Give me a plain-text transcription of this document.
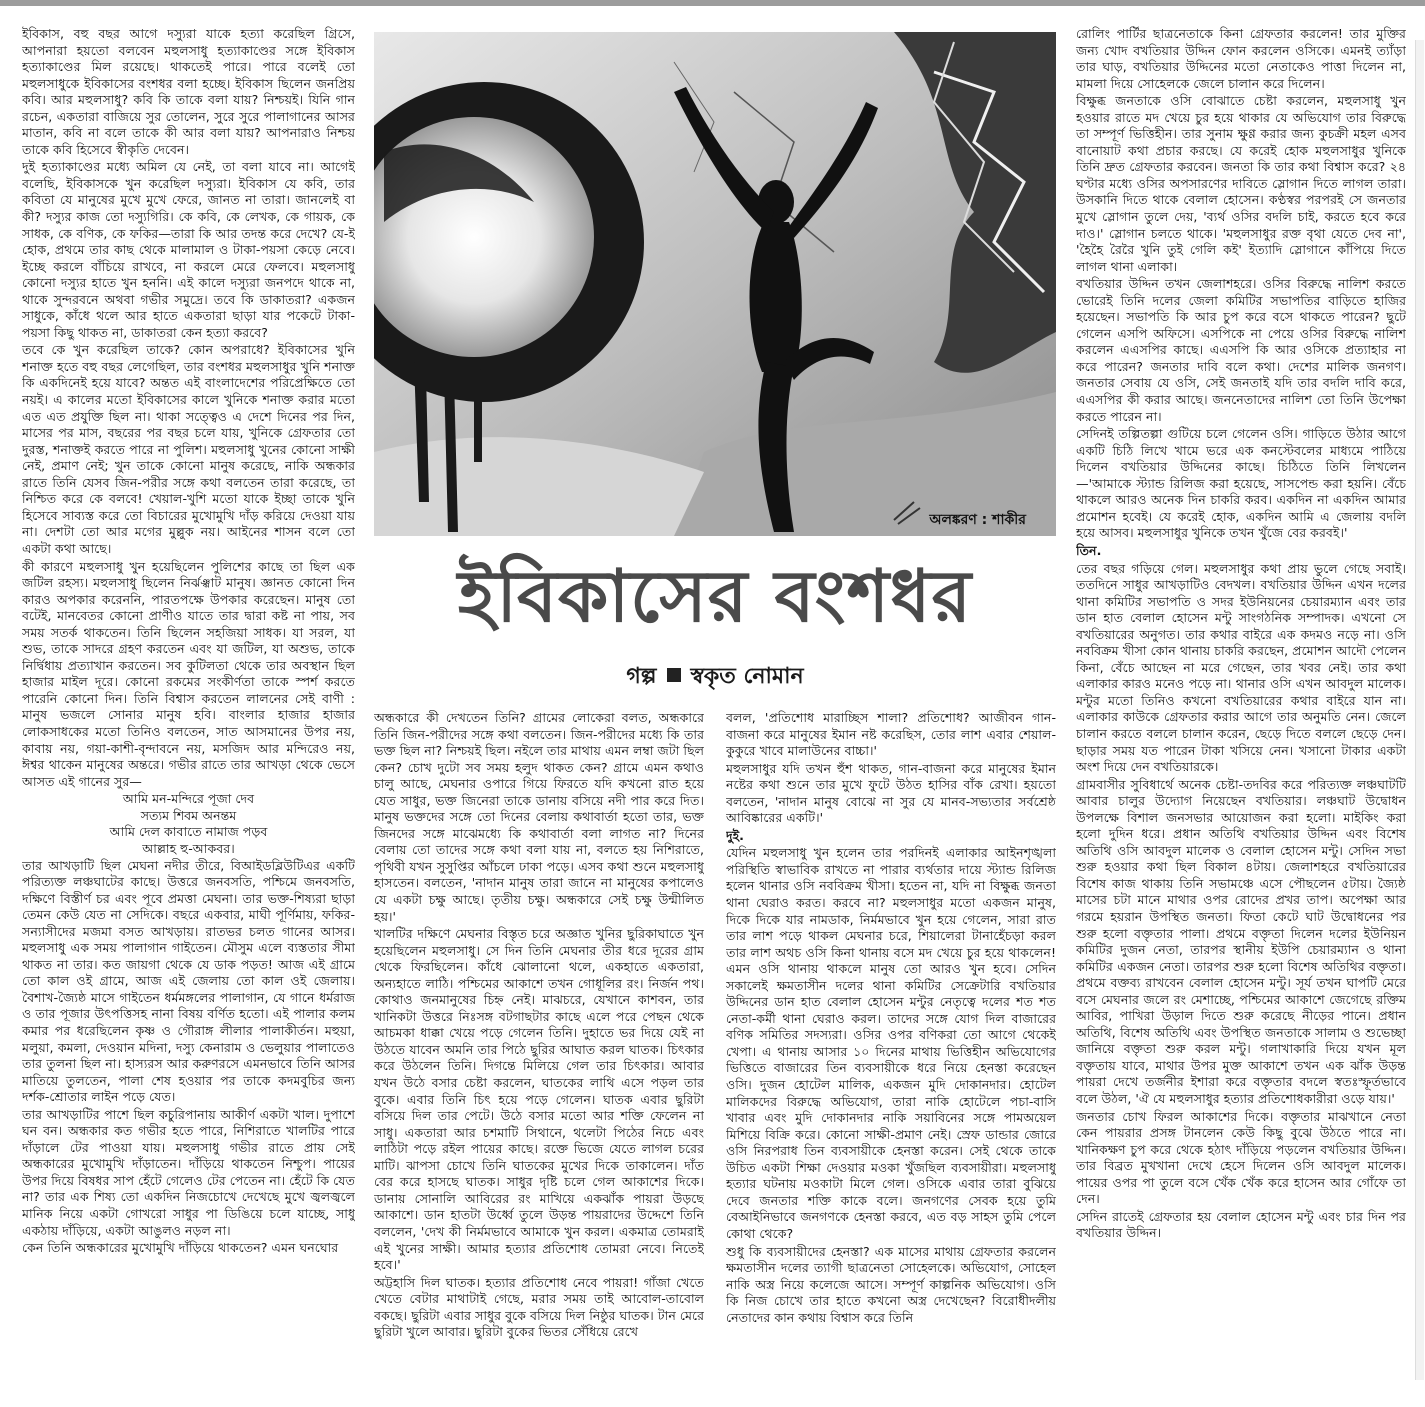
ইবিকাস, বহু বছর আগে দস্যুরা যাকে হত্যা করেছিল গ্রিসে, আপনারা হয়তো বলবেন মহুলসাধু হত্যাকাণ্ডের সঙ্গে ইবিকাস হত্যাকাণ্ডের মিল রয়েছে। থাকতেই পারে। পারে বলেই তো মহুলসাধুকে ইবিকাসের বংশধর বলা হচ্ছে। ইবিকাস ছিলেন জনপ্রিয় কবি। আর মহুলসাধু? কবি কি তাকে বলা যায়? নিশ্চয়ই। যিনি গান রচেন, একতারা বাজিয়ে সুর তোলেন, সুরে সুরে পালাগানের আসর মাতান, কবি না বলে তাকে কী আর বলা যায়? আপনারাও নিশ্চয় তাকে কবি হিসেবে স্বীকৃতি দেবেন।

দুই হত্যাকাণ্ডের মধ্যে অমিল যে নেই, তা বলা যাবে না। আগেই বলেছি, ইবিকাসকে খুন করেছিল দস্যুরা। ইবিকাস যে কবি, তার কবিতা যে মানুষের মুখে মুখে ফেরে, জানত না তারা। জানলেই বা কী? দস্যুর কাজ তো দস্যুগিরি। কে কবি, কে লেখক, কে গায়ক, কে সাধক, কে বণিক, কে ফকির—তারা কি আর তদন্ত করে দেখে? যে-ই হোক, প্রথমে তার কাছ থেকে মালামাল ও টাকা-পয়সা কেড়ে নেবে। ইচ্ছে করলে বাঁচিয়ে রাখবে, না করলে মেরে ফেলবে। মহুলসাধু কোনো দস্যুর হাতে খুন হননি। এই কালে দস্যুরা জনপদে থাকে না, থাকে সুন্দরবনে অথবা গভীর সমুদ্রে। তবে কি ডাকাতরা? একজন সাধুকে, কাঁধে থলে আর হাতে একতারা ছাড়া যার পকেটে টাকা-পয়সা কিছু থাকত না, ডাকাতরা কেন হত্যা করবে?

তবে কে খুন করেছিল তাকে? কোন অপরাধে? ইবিকাসের খুনি শনাক্ত হতে বহু বছর লেগেছিল, তার বংশধর মহুলসাধুর খুনি শনাক্ত কি একদিনেই হয়ে যাবে? অন্তত এই বাংলাদেশের পরিপ্রেক্ষিতে তো নয়ই। এ কালের মতো ইবিকাসের কালে খুনিকে শনাক্ত করার মতো এত এত প্রযুক্তি ছিল না। থাকা সত্ত্বেও এ দেশে দিনের পর দিন, মাসের পর মাস, বছরের পর বছর চলে যায়, খুনিকে গ্রেফতার তো দুরস্ত, শনাক্তই করতে পারে না পুলিশ। মহুলসাধু খুনের কোনো সাক্ষী নেই, প্রমাণ নেই; খুন তাকে কোনো মানুষ করেছে, নাকি অন্ধকার রাতে তিনি যেসব জিন-পরীর সঙ্গে কথা বলতেন তারা করেছে, তা নিশ্চিত করে কে বলবে! খেয়াল-খুশি মতো যাকে ইচ্ছা তাকে খুনি হিসেবে সাব্যস্ত করে তো বিচারের মুখোমুখি দাঁড় করিয়ে দেওয়া যায় না। দেশটা তো আর মগের মুল্লুক নয়। আইনের শাসন বলে তো একটা কথা আছে।

কী কারণে মহুলসাধু খুন হয়েছিলেন পুলিশের কাছে তা ছিল এক জটিল রহস্য। মহুলসাধু ছিলেন নির্ঝঞ্ঝাট মানুষ। জ্ঞানত কোনো দিন কারও অপকার করেননি, পারতপক্ষে উপকার করেছেন। মানুষ তো বটেই, মানবেতর কোনো প্রাণীও যাতে তার দ্বারা কষ্ট না পায়, সব সময় সতর্ক থাকতেন। তিনি ছিলেন সহজিয়া সাধক। যা সরল, যা শুভ, তাকে সাদরে গ্রহণ করতেন এবং যা জটিল, যা অশুভ, তাকে নির্দ্বিধায় প্রত্যাখান করতেন। সব কুটিলতা থেকে তার অবস্থান ছিল হাজার মাইল দূরে। কোনো রকমের সংকীর্ণতা তাকে স্পর্শ করতে পারেনি কোনো দিন। তিনি বিশ্বাস করতেন লালনের সেই বাণী : মানুষ ভজলে সোনার মানুষ হবি। বাংলার হাজার হাজার লোকসাধকের মতো তিনিও বলতেন, সাত আসমানের উপর নয়, কাবায় নয়, গয়া-কাশী-বৃন্দাবনে নয়, মসজিদ আর মন্দিরেও নয়, ঈশ্বর থাকেন মানুষের অন্তরে। গভীর রাতে তার আখড়া থেকে ভেসে আসত এই গানের সুর—

আমি মন-মন্দিরে পূজা দেব
সত্যম শিবম অনন্তম
আমি দেল কাবাতে নামাজ পড়ব
আল্লাহ হু-আকবর।

তার আখড়াটি ছিল মেঘনা নদীর তীরে, বিআইডব্লিউটিএর একটি পরিত্যক্ত লঞ্চঘাটের কাছে। উত্তরে জনবসতি, পশ্চিমে জনবসতি, দক্ষিণে বিস্তীর্ণ চর এবং পূবে প্রমত্তা মেঘনা। তার ভক্ত-শিষ্যরা ছাড়া তেমন কেউ যেত না সেদিকে। বছরে একবার, মাঘী পূর্ণিমায়, ফকির-সন্যাসীদের মজমা বসত আখড়ায়। রাতভর চলত গানের আসর। মহুলসাধু এক সময় পালাগান গাইতেন। মৌসুম এলে ব্যস্ততার সীমা থাকত না তার। কত জায়গা থেকে যে ডাক পড়ত! আজ এই গ্রামে তো কাল ওই গ্রামে, আজ এই জেলায় তো কাল ওই জেলায়। বৈশাখ-জ্যৈষ্ঠ মাসে গাইতেন ধর্মমঙ্গলের পালাগান, যে গানে ধর্মরাজ ও তার পূজার উৎপত্তিসহ নানা বিষয় বর্ণিত হতো। এই পালার কলম কমার পর ধরেছিলেন কৃষ্ণ ও গৌরাঙ্গ লীলার পালাকীর্তন। মহুয়া, মলুয়া, কমলা, দেওয়ান মদিনা, দস্যু কেনারাম ও ভেলুয়ার পালাতেও তার তুলনা ছিল না। হাস্যরস আর করুণরসে এমনভাবে তিনি আসর মাতিয়ে তুলতেন, পালা শেষ হওয়ার পর তাকে কদমবুচির জন্য দর্শক-শ্রোতার লাইন পড়ে যেত।

তার আখড়াটির পাশে ছিল কচুরিপানায় আকীর্ণ একটা খাল। দুপাশে ঘন বন। অন্ধকার কত গভীর হতে পারে, নিশিরাতে খালটির পারে দাঁড়ালে টের পাওয়া যায়। মহুলসাধু গভীর রাতে প্রায় সেই অন্ধকারের মুখোমুখি দাঁড়াতেন। দাঁড়িয়ে থাকতেন নিশ্চুপ। পায়ের উপর দিয়ে বিষধর সাপ হেঁটে গেলেও টের পেতেন না। হেঁটে কি যেত না? তার এক শিষ্য তো একদিন নিজচোখে দেখেছে মুখে জ্বলজ্বলে মানিক নিয়ে একটা গোখরো সাধুর পা ডিঙিয়ে চলে যাচ্ছে, সাধু একঠায় দাঁড়িয়ে, একটা আঙুলও নড়ল না।

কেন তিনি অন্ধকারের মুখোমুখি দাঁড়িয়ে থাকতেন? এমন ঘনঘোর

অলঙ্করণ : শাকীর
ইবিকাসের বংশধর
গল্প স্বকৃত নোমান

অন্ধকারে কী দেখতেন তিনি? গ্রামের লোকেরা বলত, অন্ধকারে তিনি জিন-পরীদের সঙ্গে কথা বলতেন। জিন-পরীদের মধ্যে কি তার ভক্ত ছিল না? নিশ্চয়ই ছিল। নইলে তার মাথায় এমন লম্বা জটা ছিল কেন? চোখ দুটো সব সময় হলুদ থাকত কেন? গ্রামে এমন কথাও চালু আছে, মেঘনার ওপারে গিয়ে ফিরতে যদি কখনো রাত হয়ে যেত সাধুর, ভক্ত জিনেরা তাকে ডানায় বসিয়ে নদী পার করে দিত। মানুষ ভক্তদের সঙ্গে তো দিনের বেলায় কথাবার্তা হতো তার, ভক্ত জিনদের সঙ্গে মাঝেমধ্যে কি কথাবার্তা বলা লাগত না? দিনের বেলায় তো তাদের সঙ্গে কথা বলা যায় না, বলতে হয় নিশিরাতে, পৃথিবী যখন সুসুপ্তির আঁচলে ঢাকা পড়ে। এসব কথা শুনে মহুলসাধু হাসতেন। বলতেন, 'নাদান মানুষ তারা জানে না মানুষের কপালেও যে একটা চক্ষু আছে। তৃতীয় চক্ষু। অন্ধকারে সেই চক্ষু উন্মীলিত হয়।'

খালটির দক্ষিণে মেঘনার বিস্তৃত চরে অজ্ঞাত খুনির ছুরিকাঘাতে খুন হয়েছিলেন মহুলসাধু। সে দিন তিনি মেঘনার তীর ধরে দূরের গ্রাম থেকে ফিরছিলেন। কাঁধে ঝোলানো থলে, একহাতে একতারা, অন্যহাতে লাঠি। পশ্চিমের আকাশে তখন গোধূলির রং। নির্জন পথ। কোথাও জনমানুষের চিহ্ন নেই। মাঝচরে, যেখানে কাশবন, তার খানিকটা উত্তরে নিঃসঙ্গ বটগাছটার কাছে এলে পরে পেছন থেকে আচমকা ধাক্কা খেয়ে পড়ে গেলেন তিনি। দুহাতে ভর দিয়ে যেই না উঠতে যাবেন অমনি তার পিঠে ছুরির আঘাত করল ঘাতক। চিৎকার করে উঠলেন তিনি। দিগন্তে মিলিয়ে গেল তার চিৎকার। আবার যখন উঠে বসার চেষ্টা করলেন, ঘাতকের লাথি এসে পড়ল তার বুকে। এবার তিনি চিৎ হয়ে পড়ে গেলেন। ঘাতক এবার ছুরিটা বসিয়ে দিল তার পেটে। উঠে বসার মতো আর শক্তি ফেলেন না সাধু। একতারা আর চশমাটি সিথানে, থলেটা পিঠের নিচে এবং লাঠিটা পড়ে রইল পায়ের কাছে। রক্তে ভিজে যেতে লাগল চরের মাটি। ঝাপসা চোখে তিনি ঘাতকের মুখের দিকে তাকালেন। দাঁত বের করে হাসছে ঘাতক। সাধুর দৃষ্টি চলে গেল আকাশের দিকে। ডানায় সোনালি আবিরের রং মাখিয়ে একঝাঁক পায়রা উড়ছে আকাশে। ডান হাতটা উর্ধ্বে তুলে উড়ন্ত পায়রাদের উদ্দেশে তিনি বললেন, 'দেখ কী নির্মমভাবে আমাকে খুন করল। একমাত্র তোমরাই এই খুনের সাক্ষী। আমার হত্যার প্রতিশোধ তোমরা নেবে। নিতেই হবে।'

অট্টহাসি দিল ঘাতক। হত্যার প্রতিশোধ নেবে পায়রা! গাঁজা খেতে খেতে বেটার মাথাটাই গেছে, মরার সময় তাই আবোল-তাবোল বকছে। ছুরিটা এবার সাধুর বুকে বসিয়ে দিল নিষ্ঠুর ঘাতক। টান মেরে ছুরিটা খুলে আবার। ছুরিটা বুকের ভিতর সেঁধিয়ে রেখে

বলল, 'প্রতিশোধ মারাচ্ছিস শালা? প্রতিশোধ? আজীবন গান-বাজনা করে মানুষের ইমান নষ্ট করেছিস, তোর লাশ এবার শেয়াল-কুকুরে খাবে মালাউনের বাচ্চা।'

মহুলসাধুর যদি তখন হুঁশ থাকত, গান-বাজনা করে মানুষের ইমান নষ্টের কথা শুনে তার মুখে ফুটে উঠত হাসির বাঁক রেখা। হয়তো বলতেন, 'নাদান মানুষ বোঝে না সুর যে মানব-সভ্যতার সর্বশ্রেষ্ঠ আবিষ্কারের একটি।'

দুই.

যেদিন মহুলসাধু খুন হলেন তার পরদিনই এলাকার আইনশৃঙ্খলা পরিস্থিতি স্বাভাবিক রাখতে না পারার ব্যর্থতার দায়ে স্ট্যান্ড রিলিজ হলেন থানার ওসি নববিক্রম খীসা। হতেন না, যদি না বিক্ষুব্ধ জনতা থানা ঘেরাও করত। করবে না? মহুলসাধুর মতো একজন মানুষ, দিকে দিকে যার নামডাক, নির্মমভাবে খুন হয়ে গেলেন, সারা রাত তার লাশ পড়ে থাকল মেঘনার চরে, শিয়ালেরা টানাহেঁচড়া করল তার লাশ অথচ ওসি কিনা থানায় বসে মদ খেয়ে চুর হয়ে থাকলেন! এমন ওসি থানায় থাকলে মানুষ তো আরও খুন হবে। সেদিন সকালেই ক্ষমতাসীন দলের থানা কমিটির সেক্রেটারি বখতিয়ার উদ্দিনের ডান হাত বেলাল হোসেন মন্টুর নেতৃত্বে দলের শত শত নেতা-কর্মী থানা ঘেরাও করল। তাদের সঙ্গে যোগ দিল বাজারের বণিক সমিতির সদস্যরা। ওসির ওপর বণিকরা তো আগে থেকেই খেপা। এ থানায় আসার ১০ দিনের মাথায় ভিত্তিহীন অভিযোগের ভিত্তিতে বাজারের তিন ব্যবসায়ীকে ধরে নিয়ে হেনস্তা করেছেন ওসি। দুজন হোটেল মালিক, একজন মুদি দোকানদার। হোটেল মালিকদের বিরুদ্ধে অভিযোগ, তারা নাকি হোটেলে পচা-বাসি খাবার এবং মুদি দোকানদার নাকি সয়াবিনের সঙ্গে পামঅয়েল মিশিয়ে বিক্রি করে। কোনো সাক্ষী-প্রমাণ নেই। স্রেফ ডান্ডার জোরে ওসি নিরপরাধ তিন ব্যবসায়ীকে হেনস্তা করেন। সেই থেকে তাকে উচিত একটা শিক্ষা দেওয়ার মওকা খুঁজছিল ব্যবসায়ীরা। মহুলসাধু হত্যার ঘটনায় মওকাটা মিলে গেল। ওসিকে এবার তারা বুঝিয়ে দেবে জনতার শক্তি কাকে বলে। জনগণের সেবক হয়ে তুমি বেআইনিভাবে জনগণকে হেনস্তা করবে, এত বড় সাহস তুমি পেলে কোথা থেকে?

শুধু কি ব্যবসায়ীদের হেনস্তা? এক মাসের মাথায় গ্রেফতার করলেন ক্ষমতাসীন দলের ত্যাগী ছাত্রনেতা সোহেলকে। অভিযোগ, সোহেল নাকি অস্ত্র নিয়ে কলেজে আসে। সম্পূর্ণ কাল্পনিক অভিযোগ। ওসি কি নিজ চোখে তার হাতে কখনো অস্ত্র দেখেছেন? বিরোধীদলীয় নেতাদের কান কথায় বিশ্বাস করে তিনি

রোলিং পার্টির ছাত্রনেতাকে কিনা গ্রেফতার করলেন! তার মুক্তির জন্য খোদ বখতিয়ার উদ্দিন ফোন করলেন ওসিকে। এমনই ত্যাঁড়া তার ঘাড়, বখতিয়ার উদ্দিনের মতো নেতাকেও পাত্তা দিলেন না, মামলা দিয়ে সোহেলকে জেলে চালান করে দিলেন।

বিক্ষুব্ধ জনতাকে ওসি বোঝাতে চেষ্টা করলেন, মহুলসাধু খুন হওয়ার রাতে মদ খেয়ে চুর হয়ে থাকার যে অভিযোগ তার বিরুদ্ধে তা সম্পূর্ণ ভিত্তিহীন। তার সুনাম ক্ষুণ্ণ করার জন্য কুচক্রী মহল এসব বানোয়াট কথা প্রচার করছে। যে করেই হোক মহুলসাধুর খুনিকে তিনি দ্রুত গ্রেফতার করবেন। জনতা কি তার কথা বিশ্বাস করে? ২৪ ঘণ্টার মধ্যে ওসির অপসারণের দাবিতে স্লোগান দিতে লাগল তারা। উসকানি দিতে থাকে বেলাল হোসেন। কণ্ঠস্বর পরপরই সে জনতার মুখে স্লোগান তুলে দেয়, 'ব্যর্থ ওসির বদলি চাই, করতে হবে করে দাও।' স্লোগান চলতে থাকে। 'মহুলসাধুর রক্ত বৃথা যেতে দেব না', 'হৈহৈ রৈরৈ খুনি তুই গেলি কই' ইত্যাদি স্লোগানে কাঁপিয়ে দিতে লাগল থানা এলাকা।

বখতিয়ার উদ্দিন তখন জেলাশহরে। ওসির বিরুদ্ধে নালিশ করতে ভোরেই তিনি দলের জেলা কমিটির সভাপতির বাড়িতে হাজির হয়েছেন। সভাপতি কি আর চুপ করে বসে থাকতে পারেন? ছুটে গেলেন এসপি অফিসে। এসপিকে না পেয়ে ওসির বিরুদ্ধে নালিশ করলেন এএসপির কাছে। এএসপি কি আর ওসিকে প্রত্যাহার না করে পারেন? জনতার দাবি বলে কথা। দেশের মালিক জনগণ। জনতার সেবায় যে ওসি, সেই জনতাই যদি তার বদলি দাবি করে, এএসপির কী করার আছে। জননেতাদের নালিশ তো তিনি উপেক্ষা করতে পারেন না।

সেদিনই তল্পিতল্পা গুটিয়ে চলে গেলেন ওসি। গাড়িতে উঠার আগে একটি চিঠি লিখে খামে ভরে এক কনস্টেবলের মাধ্যমে পাঠিয়ে দিলেন বখতিয়ার উদ্দিনের কাছে। চিঠিতে তিনি লিখলেন—'আমাকে স্ট্যান্ড রিলিজ করা হয়েছে, সাসপেন্ড করা হয়নি। বেঁচে থাকলে আরও অনেক দিন চাকরি করব। একদিন না একদিন আমার প্রমোশন হবেই। যে করেই হোক, একদিন আমি এ জেলায় বদলি হয়ে আসব। মহুলসাধুর খুনিকে তখন খুঁজে বের করবই।'

তিন.

তের বছর গড়িয়ে গেল। মহুলসাধুর কথা প্রায় ভুলে গেছে সবাই। ততদিনে সাধুর আখড়াটিও বেদখল। বখতিয়ার উদ্দিন এখন দলের থানা কমিটির সভাপতি ও সদর ইউনিয়নের চেয়ারম্যান এবং তার ডান হাত বেলাল হোসেন মন্টু সাংগঠনিক সম্পাদক। এখনো সে বখতিয়ারের অনুগত। তার কথার বাইরে এক কদমও নড়ে না। ওসি নববিক্রম খীসা কোন থানায় চাকরি করছেন, প্রমোশন আদৌ পেলেন কিনা, বেঁচে আছেন না মরে গেছেন, তার খবর নেই। তার কথা এলাকার কারও মনেও পড়ে না। থানার ওসি এখন আবদুল মালেক। মন্টুর মতো তিনিও কখনো বখতিয়ারের কথার বাইরে যান না। এলাকার কাউকে গ্রেফতার করার আগে তার অনুমতি নেন। জেলে চালান করতে বললে চালান করেন, ছেড়ে দিতে বললে ছেড়ে দেন। ছাড়ার সময় যত পারেন টাকা খসিয়ে নেন। খসানো টাকার একটা অংশ দিয়ে দেন বখতিয়ারকে।

গ্রামবাসীর সুবিধার্থে অনেক চেষ্টা-তদবির করে পরিত্যক্ত লঞ্চঘাটটি আবার চালুর উদ্যোগ নিয়েছেন বখতিয়ার। লঞ্চঘাট উদ্বোধন উপলক্ষে বিশাল জনসভার আয়োজন করা হলো। মাইকিং করা হলো দুদিন ধরে। প্রধান অতিথি বখতিয়ার উদ্দিন এবং বিশেষ অতিথি ওসি আবদুল মালেক ও বেলাল হোসেন মন্টু। সেদিন সভা শুরু হওয়ার কথা ছিল বিকাল ৪টায়। জেলাশহরে বখতিয়ারের বিশেষ কাজ থাকায় তিনি সভামঞ্চে এসে পৌছলেন ৫টায়। জ্যৈষ্ঠ মাসের চটা মানে মাথার ওপর রোদের প্রখর তাপ। অপেক্ষা আর গরমে হয়রান উপস্থিত জনতা। ফিতা কেটে ঘাট উদ্বোধনের পর শুরু হলো বক্তৃতার পালা। প্রথমে বক্তৃতা দিলেন দলের ইউনিয়ন কমিটির দুজন নেতা, তারপর স্থানীয় ইউপি চেয়ারম্যান ও থানা কমিটির একজন নেতা। তারপর শুরু হলো বিশেষ অতিথির বক্তৃতা। প্রথমে বক্তব্য রাখবেন বেলাল হোসেন মন্টু। সূর্য তখন ঘাপটি মেরে বসে মেঘনার জলে রং মেশাচ্ছে, পশ্চিমের আকাশে জেগেছে রক্তিম আবির, পাখিরা উড়াল দিতে শুরু করেছে নীড়ের পানে। প্রধান অতিথি, বিশেষ অতিথি এবং উপস্থিত জনতাকে সালাম ও শুভেচ্ছা জানিয়ে বক্তৃতা শুরু করল মন্টু। গলাখাকারি দিয়ে যখন মূল বক্তৃতায় যাবে, মাথার উপর মুক্ত আকাশে তখন এক ঝাঁক উড়ন্ত পায়রা দেখে তর্জনীর ইশারা করে বক্তৃতার বদলে স্বতঃস্ফূর্তভাবে বলে উঠল, 'ঐ যে মহুলসাধুর হত্যার প্রতিশোধকারীরা ওড়ে যায়।'

জনতার চোখ ফিরল আকাশের দিকে। বক্তৃতার মাঝখানে নেতা কেন পায়রার প্রসঙ্গ টানলেন কেউ কিছু বুঝে উঠতে পারে না। খানিকক্ষণ চুপ করে থেকে হঠাৎ দাঁড়িয়ে পড়লেন বখতিয়ার উদ্দিন। তার বিব্রত মুখখানা দেখে হেসে দিলেন ওসি আবদুল মালেক। পায়ের ওপর পা তুলে বসে খেঁক খেঁক করে হাসেন আর গোঁফে তা দেন।

সেদিন রাতেই গ্রেফতার হয় বেলাল হোসেন মন্টু এবং চার দিন পর বখতিয়ার উদ্দিন।
